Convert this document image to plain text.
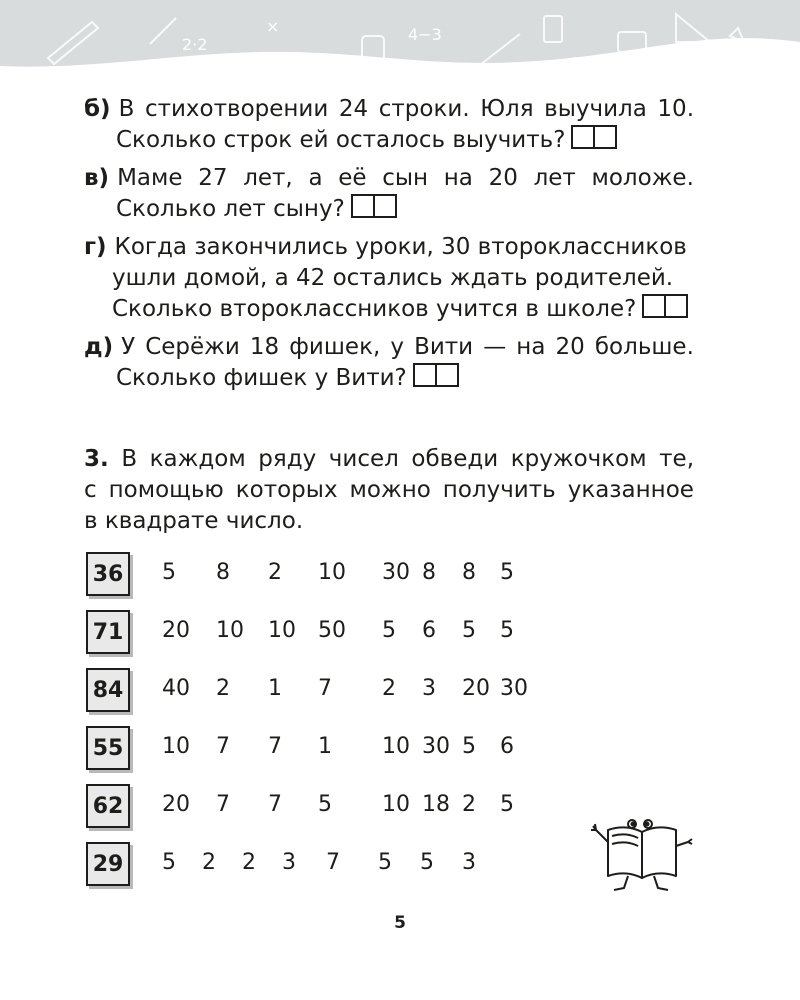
2·2
×	4−3
1+6
б) В стихотворении 24 строки. Юля выучила 10.
Сколько строк ей осталось выучить?
в) Маме 27 лет, а её сын на 20 лет моложе.
Сколько лет сыну?
г) Когда закончились уроки, 30 второклассников
ушли домой, а 42 остались ждать родителей.
Сколько второклассников учится в школе?
д) У Серёжи 18 фишек, у Вити — на 20 больше.
Сколько фишек у Вити?
3. В каждом ряду чисел обведи кружочком те,
с помощью которых можно получить указанное
в квадрате число.
36	5 8 2 10 30 8 8 5
71	20 10 10 50 5 6 5 5
84	40 2 1 7 2 3 20 30
55	10 7 7 1 10 30 5 6
62	20 7 7 5 10 18 2 5
29	5 2 2 3 7 5 5 3
5
